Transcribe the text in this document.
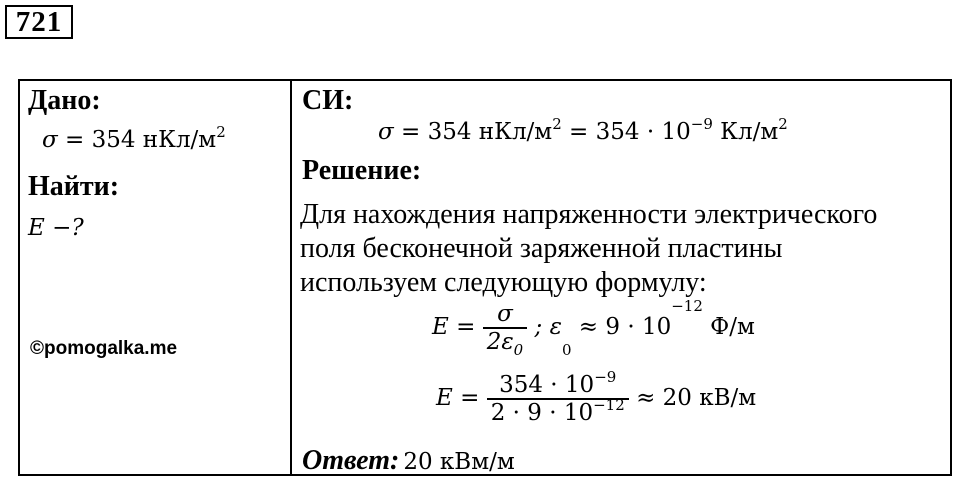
721
Дано:
σ = 354 нКл/$м^2$
Найти:
E −?
©pomogalka.me
СИ:
σ = 354 нКл/$м^2 = 354 \cdot 10^{-9}$ $Кл/м^2$
Решение:
Для нахождения напряженности электрического
поля бесконечной заряженной пластины
используем следующую формулу:
$E = \frac{\sigma}{2\varepsilon_0}$ ; $\varepsilon_0 \approx 9 \cdot 10^{-12}$ Ф/м
$E = \frac{354 \cdot 10^{-9}}{2 \cdot 9 \cdot 10^{-12}} \approx 20$ кВ/м
Ответ: 20 кВм/м
